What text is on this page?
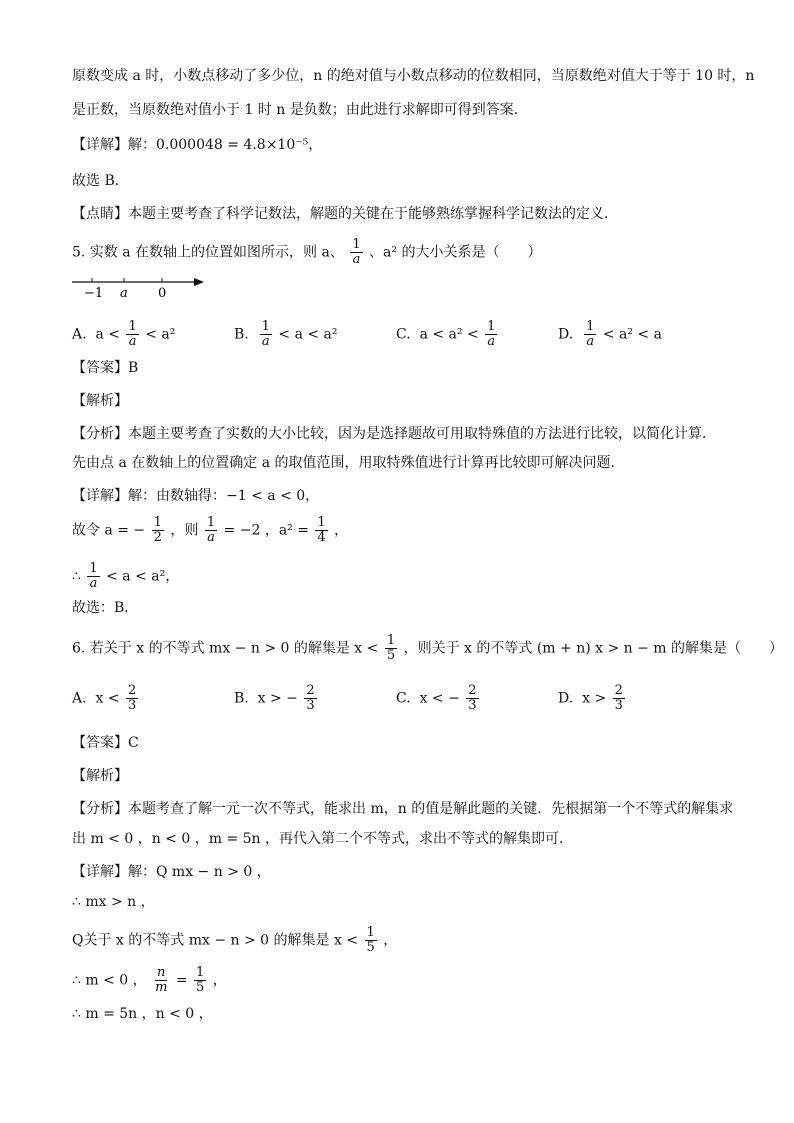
原数变成 a 时，小数点移动了多少位，n 的绝对值与小数点移动的位数相同，当原数绝对值大于等于 10 时，n
是正数，当原数绝对值小于 1 时 n 是负数；由此进行求解即可得到答案．
【详解】解：0.000048 = 4.8×10⁻⁵，
故选 B．
【点睛】本题主要考查了科学记数法，解题的关键在于能够熟练掌握科学记数法的定义．
5. 实数 a 在数轴上的位置如图所示，则 a、 $\frac{1}{a}$ 、a² 的大小关系是（　　）
−1 a 0
A. $a < \frac{1}{a} < a^2$	B. $\frac{1}{a} < a < a^2$	C. $a < a^2 < \frac{1}{a}$	D. $\frac{1}{a} < a^2 < a$
【答案】B
【解析】
【分析】本题主要考查了实数的大小比较，因为是选择题故可用取特殊值的方法进行比较，以简化计算．
先由点 a 在数轴上的位置确定 a 的取值范围，用取特殊值进行计算再比较即可解决问题．
【详解】解：由数轴得：−1 < a < 0，
故令 a = − $\frac{1}{2}$ ，则 $\frac{1}{a} = -2$ ，$a^2 = \frac{1}{4}$ ，
∴ $\frac{1}{a} < a < a^2$，
故选：B．
6. 若关于 x 的不等式 mx − n > 0 的解集是 $x < \frac{1}{5}$ ，则关于 x 的不等式 (m + n) x > n − m 的解集是（　　）
A. $x < \frac{2}{3}$	B. x > − $\frac{2}{3}$	C. x < − $\frac{2}{3}$	D. $x > \frac{2}{3}$
【答案】C
【解析】
【分析】本题考查了解一元一次不等式，能求出 m，n 的值是解此题的关键．先根据第一个不等式的解集求
出 m < 0 ，n < 0 ，m = 5n ，再代入第二个不等式，求出不等式的解集即可．
【详解】解：Q mx − n > 0 ，
∴ mx > n ，
Q关于 x 的不等式 mx − n > 0 的解集是 $x < \frac{1}{5}$ ，
∴ m < 0 ， $\frac{n}{m} = \frac{1}{5}$ ，
∴ m = 5n ，n < 0 ，
